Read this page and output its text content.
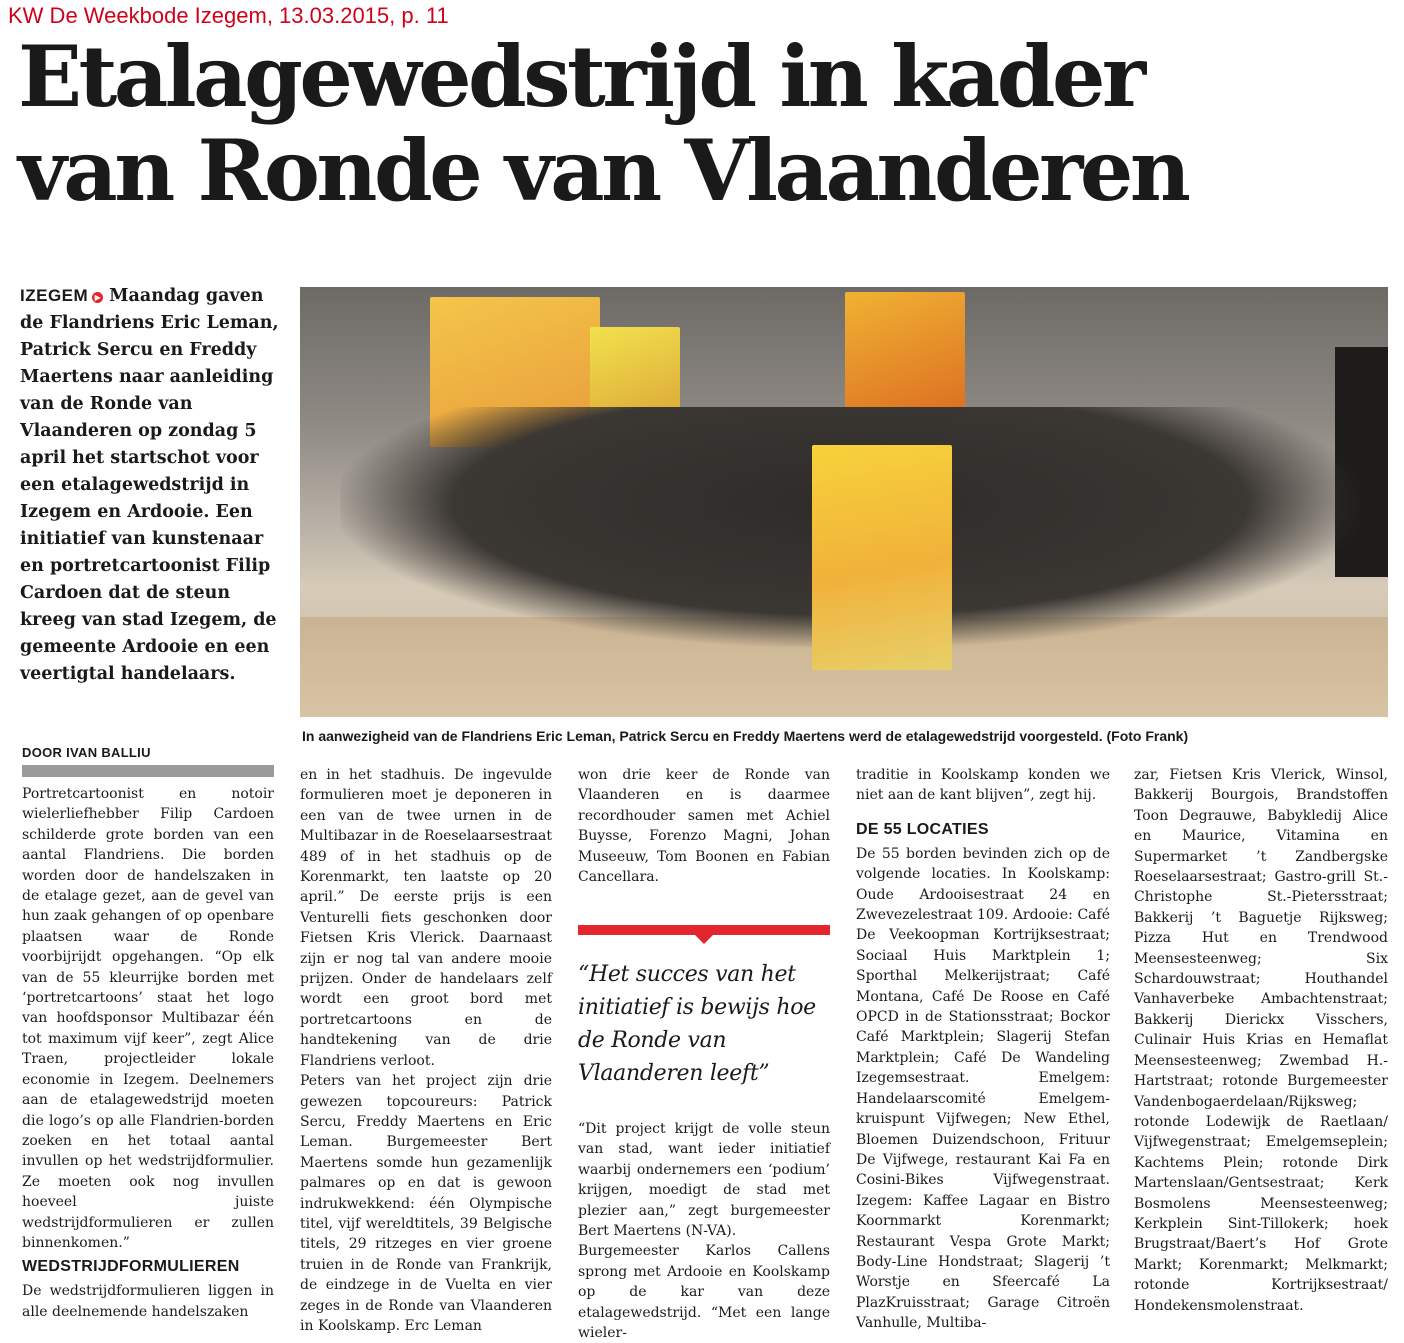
KW De Weekbode Izegem, 13.03.2015, p. 11
Etalagewedstrijd in kader
van Ronde van Vlaanderen
IZEGEM ▶ Maandag gaven de Flandriens Eric Leman, Patrick Sercu en Freddy Maertens naar aanleiding van de Ronde van Vlaanderen op zondag 5 april het startschot voor een etalagewedstrijd in Izegem en Ardooie. Een initiatief van kunstenaar en portretcartoonist Filip Cardoen dat de steun kreeg van stad Izegem, de gemeente Ardooie en een veertigtal handelaars.
In aanwezigheid van de Flandriens Eric Leman, Patrick Sercu en Freddy Maertens werd de etalagewedstrijd voorgesteld. (Foto Frank)
DOOR IVAN BALLIU

Portretcartoonist en notoir wielerliefhebber Filip Cardoen schilderde grote borden van een aantal Flandriens. Die borden worden door de handelszaken in de etalage gezet, aan de gevel van hun zaak gehangen of op openbare plaatsen waar de Ronde voorbijrijdt opgehangen. “Op elk van de 55 kleurrijke borden met ‘portretcartoons’ staat het logo van hoofdsponsor Multibazar één tot maximum vijf keer”, zegt Alice Traen, projectleider lokale economie in Izegem. Deelnemers aan de etalagewedstrijd moeten die logo’s op alle Flandrien-borden zoeken en het totaal aantal invullen op het wedstrijdformulier. Ze moeten ook nog invullen hoeveel juiste wedstrijdformulieren er zullen binnenkomen.”

WEDSTRIJDFORMULIEREN

De wedstrijdformulieren liggen in alle deelnemende handelszaken

en in het stadhuis. De ingevulde formulieren moet je deponeren in een van de twee urnen in de Multibazar in de Roeselaarsestraat 489 of in het stadhuis op de Korenmarkt, ten laatste op 20 april.” De eerste prijs is een Venturelli fiets geschonken door Fietsen Kris Vlerick. Daarnaast zijn er nog tal van andere mooie prijzen. Onder de handelaars zelf wordt een groot bord met portretcartoons en de handtekening van de drie Flandriens verloot.

Peters van het project zijn drie gewezen topcoureurs: Patrick Sercu, Freddy Maertens en Eric Leman. Burgemeester Bert Maertens somde hun gezamenlijk palmares op en dat is gewoon indrukwekkend: één Olympische titel, vijf wereldtitels, 39 Belgische titels, 29 ritzeges en vier groene truien in de Ronde van Frankrijk, de eindzege in de Vuelta en vier zeges in de Ronde van Vlaanderen in Koolskamp. Erc Leman

won drie keer de Ronde van Vlaanderen en is daarmee recordhouder samen met Achiel Buysse, Forenzo Magni, Johan Museeuw, Tom Boonen en Fabian Cancellara.

“Het succes van het initiatief is bewijs hoe de Ronde van Vlaanderen leeft”

“Dit project krijgt de volle steun van stad, want ieder initiatief waarbij ondernemers een ‘podium’ krijgen, moedigt de stad met plezier aan,” zegt burgemeester Bert Maertens (N-VA).

Burgemeester Karlos Callens sprong met Ardooie en Koolskamp op de kar van deze etalagewedstrijd. “Met een lange wieler-

traditie in Koolskamp konden we niet aan de kant blijven”, zegt hij.

DE 55 LOCATIES

De 55 borden bevinden zich op de volgende locaties. In Koolskamp: Oude Ardooisestraat 24 en Zwevezelestraat 109. Ardooie: Café De Veekoopman Kortrijksestraat; Sociaal Huis Marktplein 1; Sporthal Melkerijstraat; Café Montana, Café De Roose en Café OPCD in de Stationsstraat; Bockor Café Marktplein; Slagerij Stefan Marktplein; Café De Wandeling Izegemsestraat. Emelgem: Handelaarscomité Emelgem-kruispunt Vijfwegen; New Ethel, Bloemen Duizendschoon, Frituur De Vijfwege, restaurant Kai Fa en Cosini-Bikes Vijfwegenstraat. Izegem: Kaffee Lagaar en Bistro Koornmarkt Korenmarkt; Restaurant Vespa Grote Markt; Body-Line Hondstraat; Slagerij ’t Worstje en Sfeercafé La PlazKruisstraat; Garage Citroën Vanhulle, Multiba-

zar, Fietsen Kris Vlerick, Winsol, Bakkerij Bourgois, Brandstoffen Toon Degrauwe, Babykledij Alice en Maurice, Vitamina en Supermarket ’t Zandbergske Roeselaarsestraat; Gastro-grill St.-Christophe St.-Pietersstraat; Bakkerij ’t Baguetje Rijksweg; Pizza Hut en Trendwood Meensesteenweg; Six Schardouwstraat; Houthandel Vanhaverbeke Ambachtenstraat; Bakkerij Dierickx Visschers, Culinair Huis Krias en Hemaflat Meensesteenweg; Zwembad H.-Hartstraat; rotonde Burgemeester Vandenbogaerdelaan/Rijksweg; rotonde Lodewijk de Raetlaan/ Vijfwegenstraat; Emelgemseplein; Kachtems Plein; rotonde Dirk Martenslaan/Gentsestraat; Kerk Bosmolens Meensesteenweg; Kerkplein Sint-Tillokerk; hoek Brugstraat/Baert’s Hof Grote Markt; Korenmarkt; Melkmarkt; rotonde Kortrijksestraat/ Hondekensmolenstraat.
